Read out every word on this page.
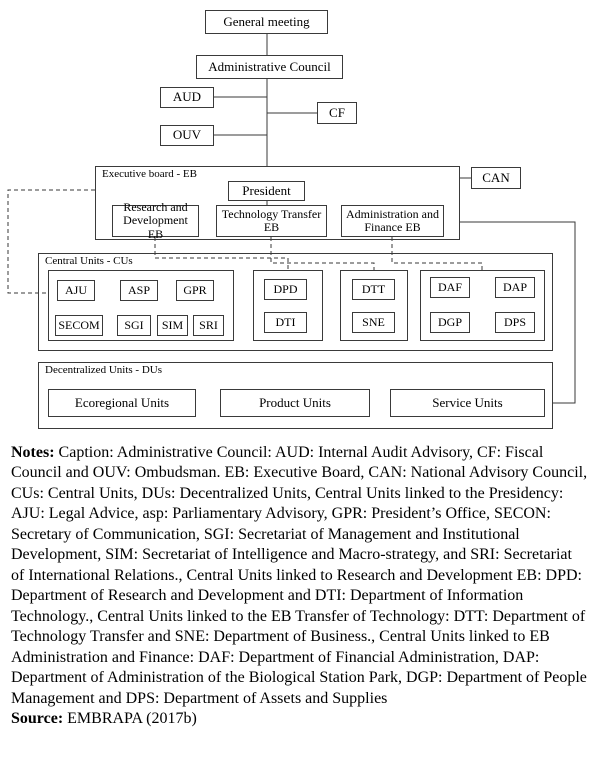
General meeting
Administrative Council
AUD
OUV
CF
CAN
Executive board - EB
President
Research and Development EB
Technology Transfer EB
Administration and Finance EB
Central Units - CUs
AJU	ASP	GPR
SECOM	SGI	SIM	SRI
DPD
DTI
DTT
SNE
DAF	DAP
DGP	DPS
Decentralized Units - DUs
Ecoregional Units	Product Units	Service Units

Notes: Caption: Administrative Council: AUD: Internal Audit Advisory, CF: Fiscal Council and OUV: Ombudsman. EB: Executive Board, CAN: National Advisory Council, CUs: Central Units, DUs: Decentralized Units, Central Units linked to the Presidency: AJU: Legal Advice, asp: Parliamentary Advisory, GPR: President’s Office, SECON: Secretary of Communication, SGI: Secretariat of Management and Institutional Development, SIM: Secretariat of Intelligence and Macro-strategy, and SRI: Secretariat of International Relations., Central Units linked to Research and Development EB: DPD: Department of Research and Development and DTI: Department of Information Technology., Central Units linked to the EB Transfer of Technology: DTT: Department of Technology Transfer and SNE: Department of Business., Central Units linked to EB Administration and Finance: DAF: Department of Financial Administration, DAP: Department of Administration of the Biological Station Park, DGP: Department of People Management and DPS: Department of Assets and Supplies
Source: EMBRAPA (2017b)
